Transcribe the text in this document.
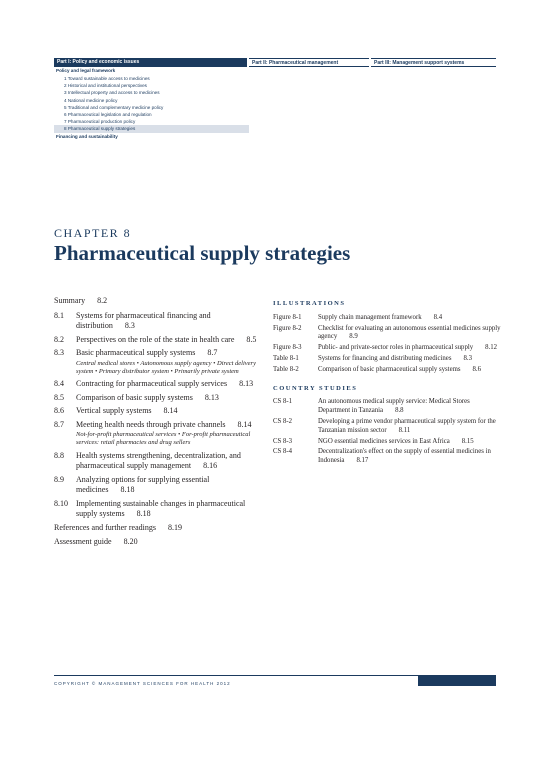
Part I: Policy and economic issues	Part II: Pharmaceutical management	Part III: Management support systems
Policy and legal framework
1 Toward sustainable access to medicines
2 Historical and institutional perspectives
3 Intellectual property and access to medicines
4 National medicine policy
5 Traditional and complementary medicine policy
6 Pharmaceutical legislation and regulation
7 Pharmaceutical production policy
8 Pharmaceutical supply strategies
Financing and sustainability
CHAPTER 8
Pharmaceutical supply strategies
Summary 8.2
8.1	Systems for pharmaceutical financing and distribution 8.3
8.2	Perspectives on the role of the state in health care 8.5
8.3	Basic pharmaceutical supply systems 8.7
Central medical stores • Autonomous supply agency • Direct delivery system • Primary distributor system • Primarily private system
8.4	Contracting for pharmaceutical supply services 8.13
8.5	Comparison of basic supply systems 8.13
8.6	Vertical supply systems 8.14
8.7	Meeting health needs through private channels 8.14
Not-for-profit pharmaceutical services • For-profit pharmaceutical services: retail pharmacies and drug sellers
8.8	Health systems strengthening, decentralization, and pharmaceutical supply management 8.16
8.9	Analyzing options for supplying essential medicines 8.18
8.10	Implementing sustainable changes in pharmaceutical supply systems 8.18
References and further readings 8.19
Assessment guide 8.20
ILLUSTRATIONS
Figure 8-1	Supply chain management framework 8.4
Figure 8-2	Checklist for evaluating an autonomous essential medicines supply agency 8.9
Figure 8-3	Public- and private-sector roles in pharmaceutical supply 8.12
Table 8-1	Systems for financing and distributing medicines 8.3
Table 8-2	Comparison of basic pharmaceutical supply systems 8.6
COUNTRY STUDIES
CS 8-1	An autonomous medical supply service: Medical Stores Department in Tanzania 8.8
CS 8-2	Developing a prime vendor pharmaceutical supply system for the Tanzanian mission sector 8.11
CS 8-3	NGO essential medicines services in East Africa 8.15
CS 8-4	Decentralization's effect on the supply of essential medicines in Indonesia 8.17
COPYRIGHT © MANAGEMENT SCIENCES FOR HEALTH 2012
